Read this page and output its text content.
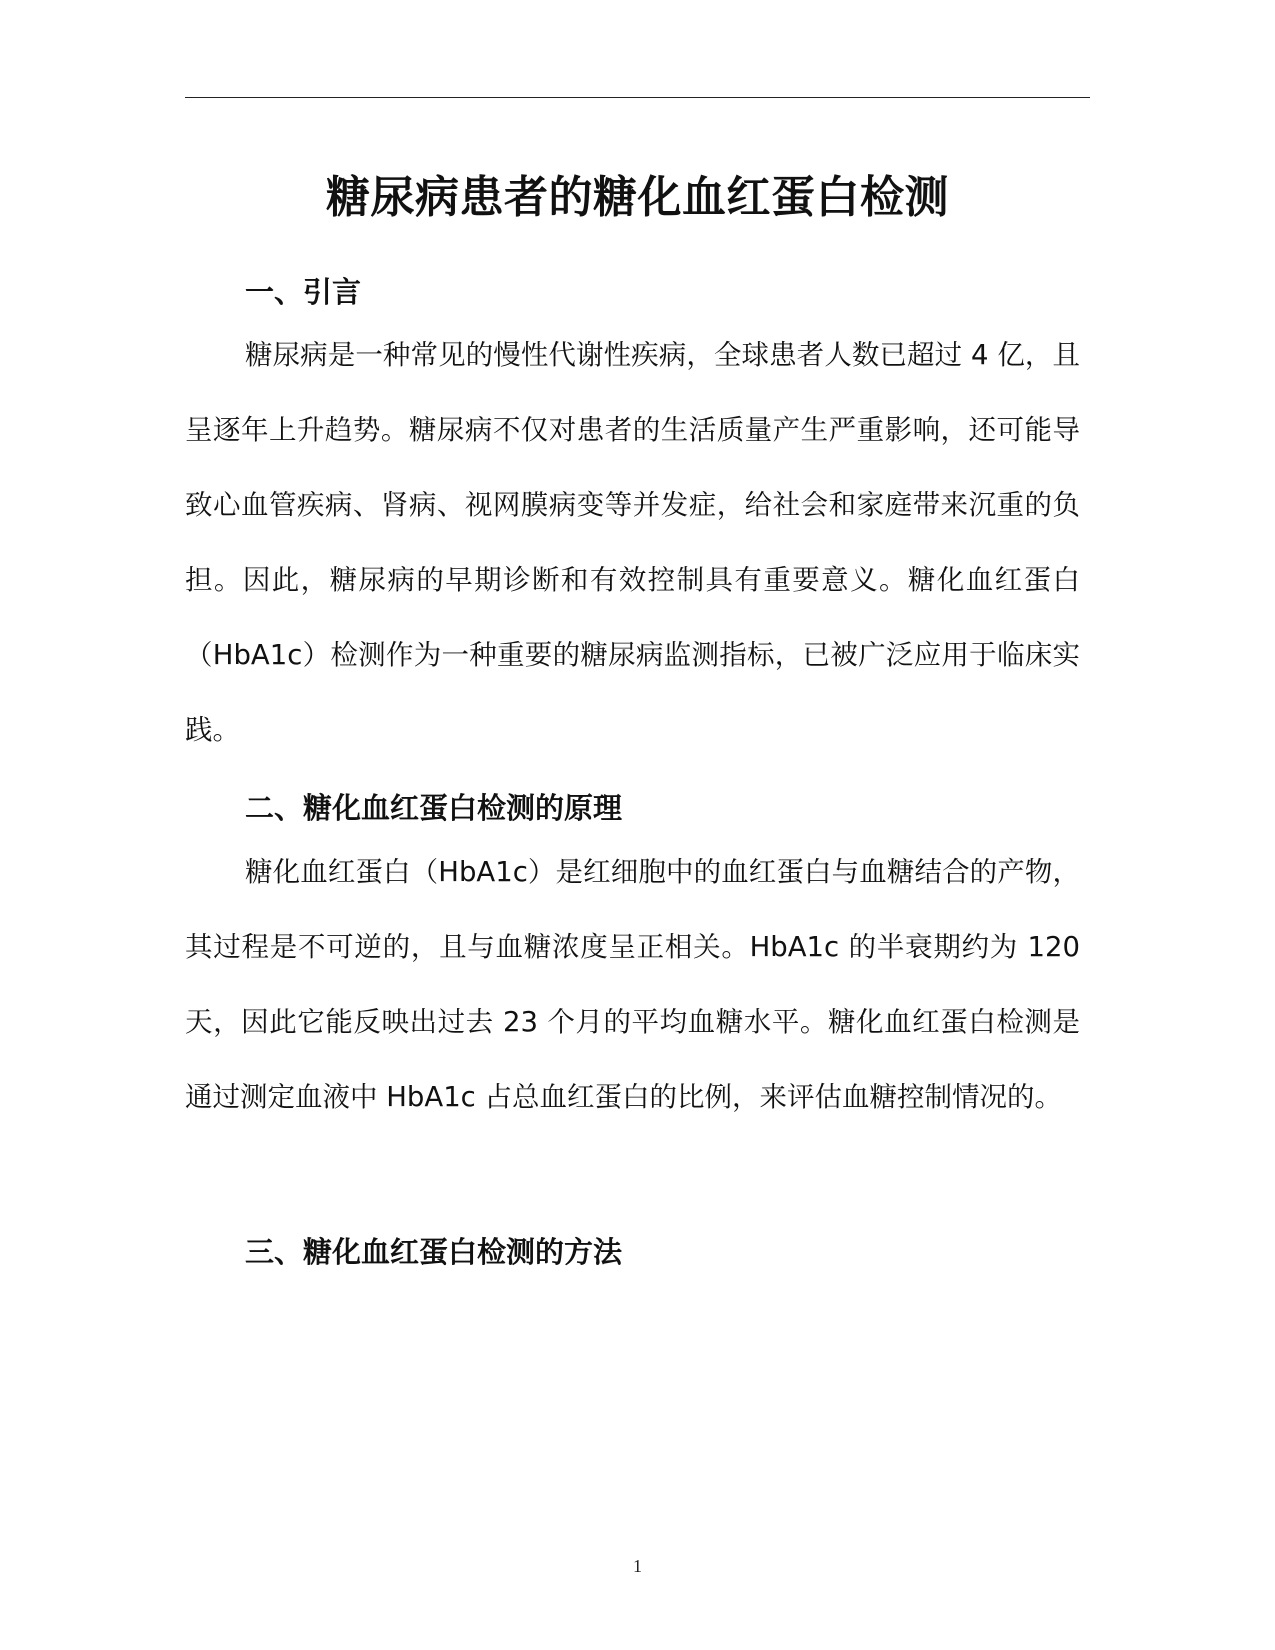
糖尿病患者的糖化血红蛋白检测
一、引言

糖尿病是一种常见的慢性代谢性疾病，全球患者人数已超过 4 亿，且呈逐年上升趋势。糖尿病不仅对患者的生活质量产生严重影响，还可能导致心血管疾病、肾病、视网膜病变等并发症，给社会和家庭带来沉重的负担。因此，糖尿病的早期诊断和有效控制具有重要意义。糖化血红蛋白（HbA1c）检测作为一种重要的糖尿病监测指标，已被广泛应用于临床实践。

二、糖化血红蛋白检测的原理

糖化血红蛋白（HbA1c）是红细胞中的血红蛋白与血糖结合的产物，其过程是不可逆的，且与血糖浓度呈正相关。HbA1c 的半衰期约为 120 天，因此它能反映出过去 23 个月的平均血糖水平。糖化血红蛋白检测是通过测定血液中 HbA1c 占总血红蛋白的比例，来评估血糖控制情况的。

三、糖化血红蛋白检测的方法
1
